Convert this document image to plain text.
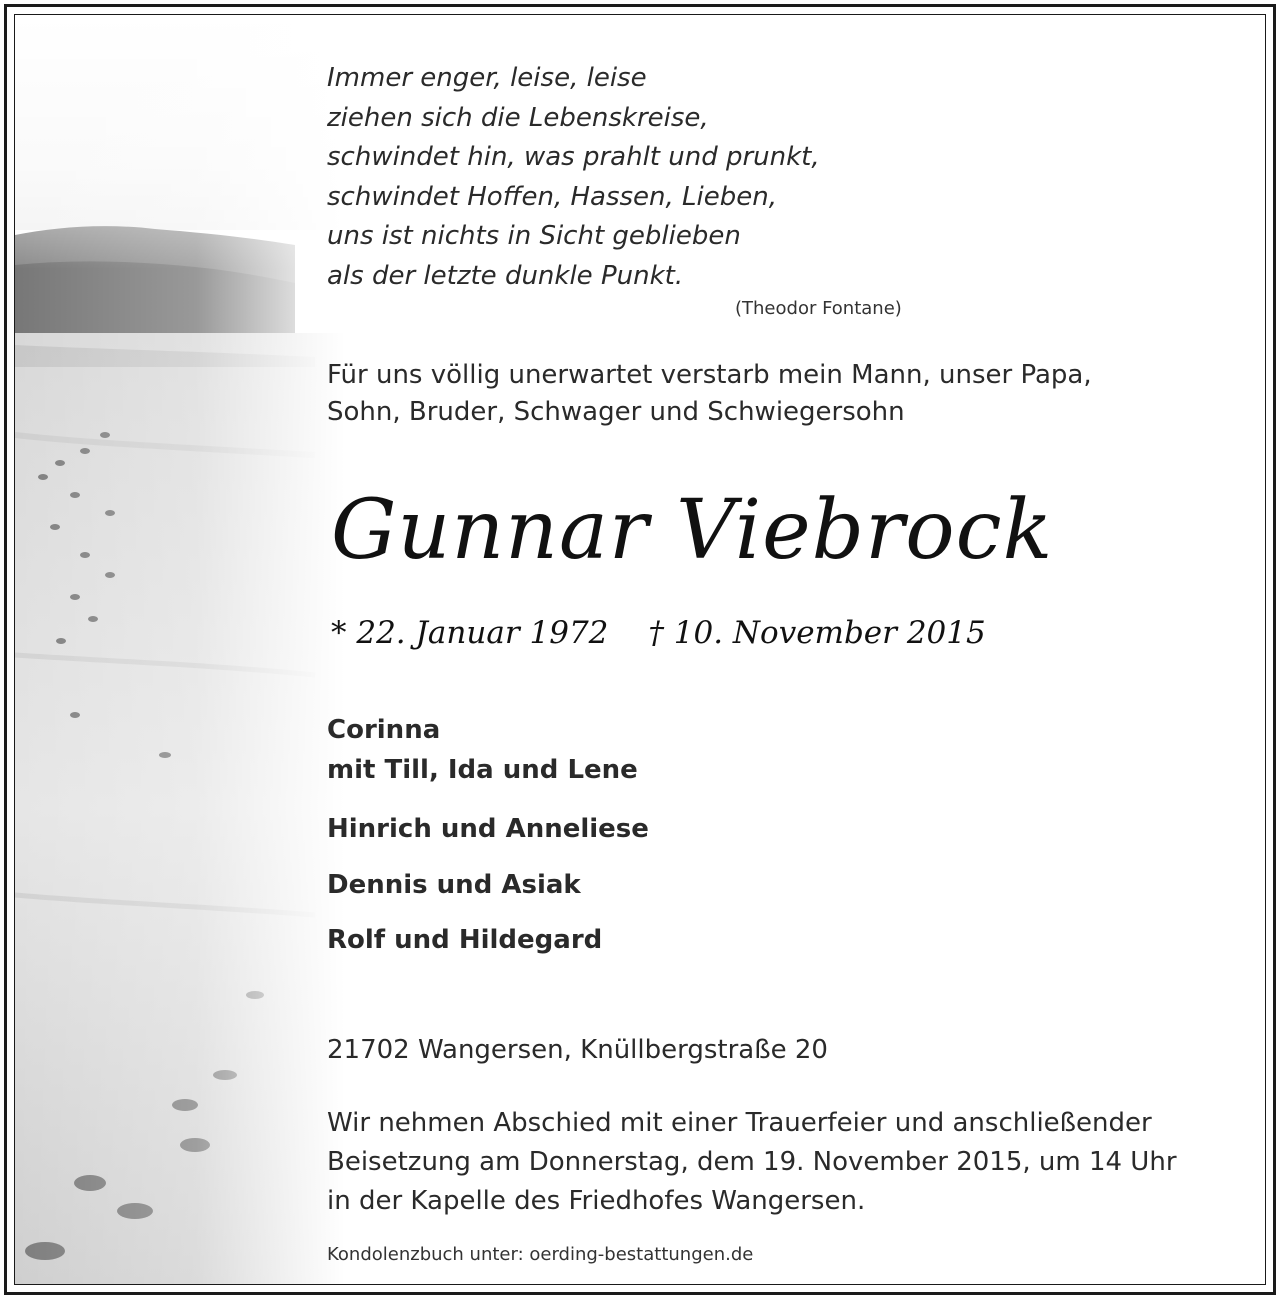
Immer enger, leise, leise
ziehen sich die Lebenskreise,
schwindet hin, was prahlt und prunkt,
schwindet Hoffen, Hassen, Lieben,
uns ist nichts in Sicht geblieben
als der letzte dunkle Punkt.
(Theodor Fontane)
Für uns völlig unerwartet verstarb mein Mann, unser Papa,
Sohn, Bruder, Schwager und Schwiegersohn
Gunnar Viebrock
* 22. Januar 1972 † 10. November 2015
Corinna
mit Till, Ida und Lene
Hinrich und Anneliese
Dennis und Asiak
Rolf und Hildegard
21702 Wangersen, Knüllbergstraße 20
Wir nehmen Abschied mit einer Trauerfeier und anschließender
Beisetzung am Donnerstag, dem 19. November 2015, um 14 Uhr
in der Kapelle des Friedhofes Wangersen.
Kondolenzbuch unter: oerding-bestattungen.de
